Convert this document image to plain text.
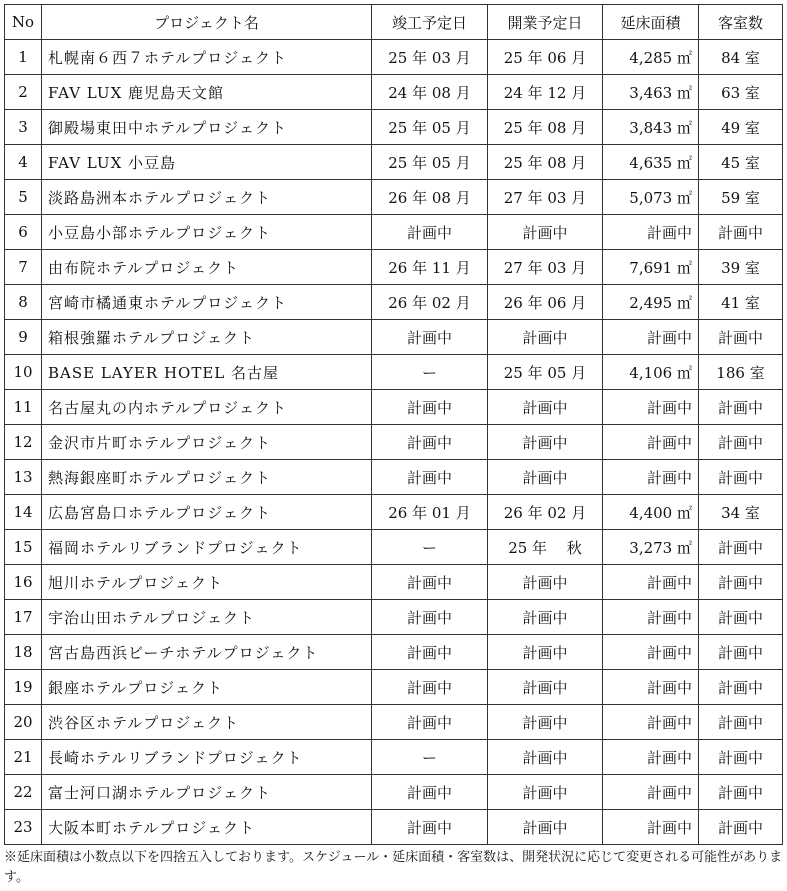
No	プロジェクト名	竣工予定日	開業予定日	延床面積	客室数
1	札幌南６西７ホテルプロジェクト	25 年 03 月	25 年 06 月	4,285 ㎡	84 室
2	FAV LUX 鹿児島天文館	24 年 08 月	24 年 12 月	3,463 ㎡	63 室
3	御殿場東田中ホテルプロジェクト	25 年 05 月	25 年 08 月	3,843 ㎡	49 室
4	FAV LUX 小豆島	25 年 05 月	25 年 08 月	4,635 ㎡	45 室
5	淡路島洲本ホテルプロジェクト	26 年 08 月	27 年 03 月	5,073 ㎡	59 室
6	小豆島小部ホテルプロジェクト	計画中	計画中	計画中	計画中
7	由布院ホテルプロジェクト	26 年 11 月	27 年 03 月	7,691 ㎡	39 室
8	宮崎市橘通東ホテルプロジェクト	26 年 02 月	26 年 06 月	2,495 ㎡	41 室
9	箱根強羅ホテルプロジェクト	計画中	計画中	計画中	計画中
10	BASE LAYER HOTEL 名古屋	ー	25 年 05 月	4,106 ㎡	186 室
11	名古屋丸の内ホテルプロジェクト	計画中	計画中	計画中	計画中
12	金沢市片町ホテルプロジェクト	計画中	計画中	計画中	計画中
13	熱海銀座町ホテルプロジェクト	計画中	計画中	計画中	計画中
14	広島宮島口ホテルプロジェクト	26 年 01 月	26 年 02 月	4,400 ㎡	34 室
15	福岡ホテルリブランドプロジェクト	ー	25 年　 秋	3,273 ㎡	計画中
16	旭川ホテルプロジェクト	計画中	計画中	計画中	計画中
17	宇治山田ホテルプロジェクト	計画中	計画中	計画中	計画中
18	宮古島西浜ビーチホテルプロジェクト	計画中	計画中	計画中	計画中
19	銀座ホテルプロジェクト	計画中	計画中	計画中	計画中
20	渋谷区ホテルプロジェクト	計画中	計画中	計画中	計画中
21	長崎ホテルリブランドプロジェクト	ー	計画中	計画中	計画中
22	富士河口湖ホテルプロジェクト	計画中	計画中	計画中	計画中
23	大阪本町ホテルプロジェクト	計画中	計画中	計画中	計画中
※延床面積は小数点以下を四捨五入しております。スケジュール・延床面積・客室数は、開発状況に応じて変更される可能性があります。
